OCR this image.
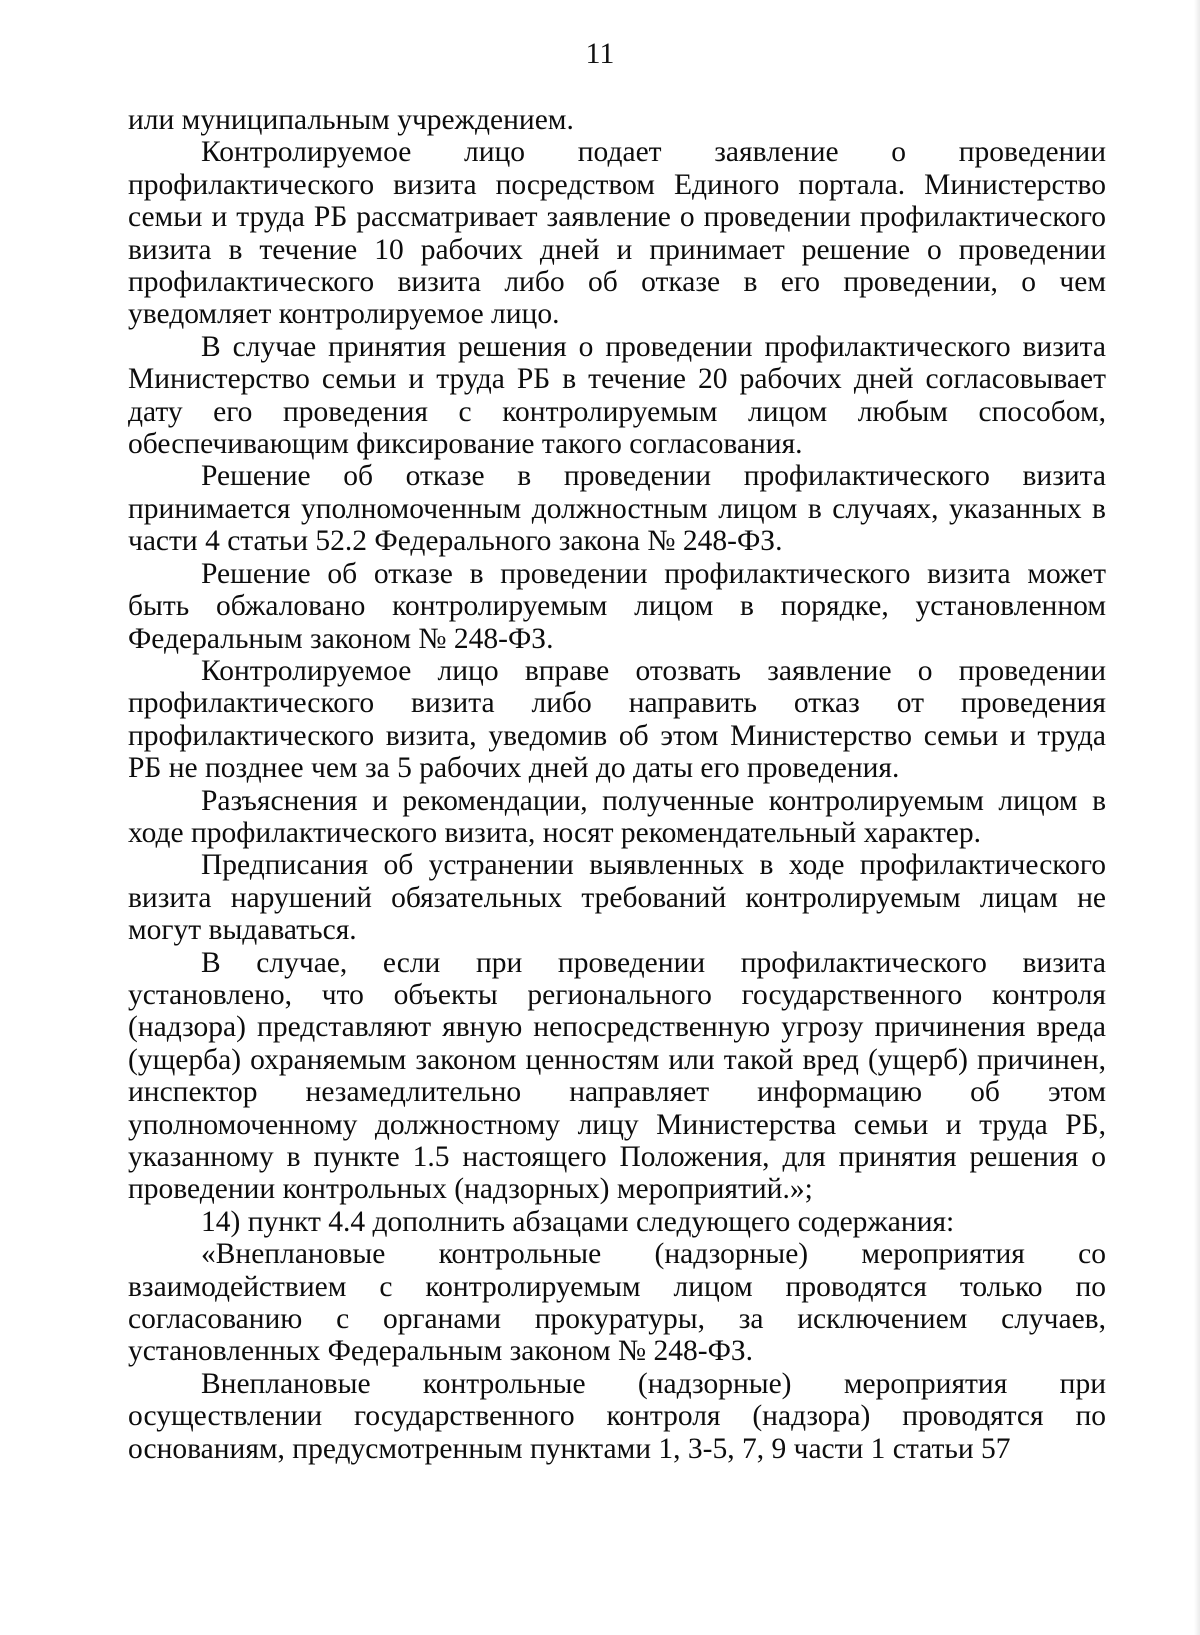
11

или муниципальным учреждением.

Контролируемое лицо подает заявление о проведении профилактического визита посредством Единого портала. Министерство семьи и труда РБ рассматривает заявление о проведении профилактического визита в течение 10 рабочих дней и принимает решение о проведении профилактического визита либо об отказе в его проведении, о чем уведомляет контролируемое лицо.

В случае принятия решения о проведении профилактического визита Министерство семьи и труда РБ в течение 20 рабочих дней согласовывает дату его проведения с контролируемым лицом любым способом, обеспечивающим фиксирование такого согласования.

Решение об отказе в проведении профилактического визита принимается уполномоченным должностным лицом в случаях, указанных в части 4 статьи 52.2 Федерального закона № 248-ФЗ.

Решение об отказе в проведении профилактического визита может быть обжаловано контролируемым лицом в порядке, установленном Федеральным законом № 248-ФЗ.

Контролируемое лицо вправе отозвать заявление о проведении профилактического визита либо направить отказ от проведения профилактического визита, уведомив об этом Министерство семьи и труда РБ не позднее чем за 5 рабочих дней до даты его проведения.

Разъяснения и рекомендации, полученные контролируемым лицом в ходе профилактического визита, носят рекомендательный характер.

Предписания об устранении выявленных в ходе профилактического визита нарушений обязательных требований контролируемым лицам не могут выдаваться.

В случае, если при проведении профилактического визита установлено, что объекты регионального государственного контроля (надзора) представляют явную непосредственную угрозу причинения вреда (ущерба) охраняемым законом ценностям или такой вред (ущерб) причинен, инспектор незамедлительно направляет информацию об этом уполномоченному должностному лицу Министерства семьи и труда РБ, указанному в пункте 1.5 настоящего Положения, для принятия решения о проведении контрольных (надзорных) мероприятий.»;

14) пункт 4.4 дополнить абзацами следующего содержания:

«Внеплановые контрольные (надзорные) мероприятия со взаимодействием с контролируемым лицом проводятся только по согласованию с органами прокуратуры, за исключением случаев, установленных Федеральным законом № 248-ФЗ.

Внеплановые контрольные (надзорные) мероприятия при осуществлении государственного контроля (надзора) проводятся по основаниям, предусмотренным пунктами 1, 3-5, 7, 9 части 1 статьи 57
